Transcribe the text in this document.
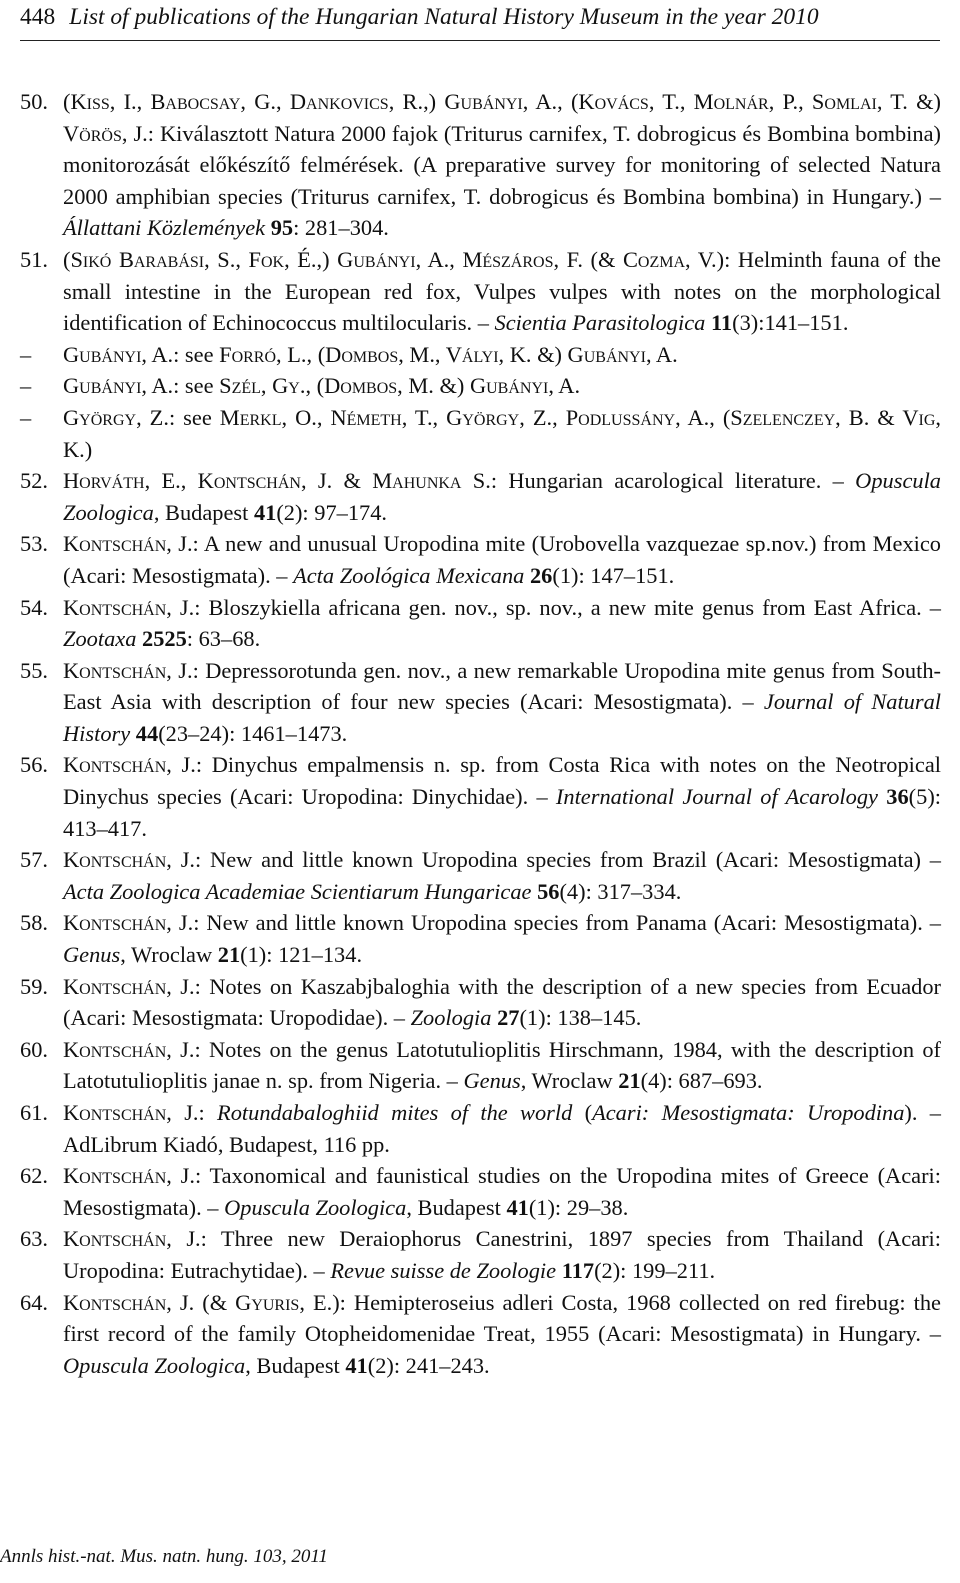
448 List of publications of the Hungarian Natural History Museum in the year 2010
50. (Kiss, I., Babocsay, G., Dankovics, R.,) Gubányi, A., (Kovács, T., Molnár, P., Somlai, T. &) Vörös, J.: Kiválasztott Natura 2000 fajok (Triturus carnifex, T. dobrogicus és Bombina bombina) monitorozását előkészítő felmérések. (A preparative survey for monitoring of selected Natura 2000 amphibian species (Triturus carnifex, T. dobrogicus és Bombina bombina) in Hungary.) – Állattani Közlemények 95: 281–304.
51. (Sikó Barabási, S., Fok, É.,) Gubányi, A., Mészáros, F. (& Cozma, V.): Helminth fauna of the small intestine in the European red fox, Vulpes vulpes with notes on the morphological identification of Echinococcus multilocularis. – Scientia Parasitologica 11(3):141–151.
– Gubányi, A.: see Forró, L., (Dombos, M., Vályi, K. &) Gubányi, A.
– Gubányi, A.: see Szél, Gy., (Dombos, M. &) Gubányi, A.
– György, Z.: see Merkl, O., Németh, T., György, Z., Podlussány, A., (Szelenczey, B. & Vig, K.)
52. Horváth, E., Kontschán, J. & Mahunka S.: Hungarian acarological literature. – Opuscula Zoologica, Budapest 41(2): 97–174.
53. Kontschán, J.: A new and unusual Uropodina mite (Urobovella vazquezae sp.nov.) from Mexico (Acari: Mesostigmata). – Acta Zoológica Mexicana 26(1): 147–151.
54. Kontschán, J.: Bloszykiella africana gen. nov., sp. nov., a new mite genus from East Africa. – Zootaxa 2525: 63–68.
55. Kontschán, J.: Depressorotunda gen. nov., a new remarkable Uropodina mite genus from South-East Asia with description of four new species (Acari: Mesostigmata). – Journal of Natural History 44(23–24): 1461–1473.
56. Kontschán, J.: Dinychus empalmensis n. sp. from Costa Rica with notes on the Neotropical Dinychus species (Acari: Uropodina: Dinychidae). – International Journal of Acarology 36(5): 413–417.
57. Kontschán, J.: New and little known Uropodina species from Brazil (Acari: Mesostigmata) – Acta Zoologica Academiae Scientiarum Hungaricae 56(4): 317–334.
58. Kontschán, J.: New and little known Uropodina species from Panama (Acari: Mesostigmata). – Genus, Wroclaw 21(1): 121–134.
59. Kontschán, J.: Notes on Kaszabjbaloghia with the description of a new species from Ecuador (Acari: Mesostigmata: Uropodidae). – Zoologia 27(1): 138–145.
60. Kontschán, J.: Notes on the genus Latotutulioplitis Hirschmann, 1984, with the description of Latotutulioplitis janae n. sp. from Nigeria. – Genus, Wroclaw 21(4): 687–693.
61. Kontschán, J.: Rotundabaloghiid mites of the world (Acari: Mesostigmata: Uropodina). – AdLibrum Kiadó, Budapest, 116 pp.
62. Kontschán, J.: Taxonomical and faunistical studies on the Uropodina mites of Greece (Acari: Mesostigmata). – Opuscula Zoologica, Budapest 41(1): 29–38.
63. Kontschán, J.: Three new Deraiophorus Canestrini, 1897 species from Thailand (Acari: Uropodina: Eutrachytidae). – Revue suisse de Zoologie 117(2): 199–211.
64. Kontschán, J. (& Gyuris, E.): Hemipteroseius adleri Costa, 1968 collected on red firebug: the first record of the family Otopheidomenidae Treat, 1955 (Acari: Mesostigmata) in Hungary. – Opuscula Zoologica, Budapest 41(2): 241–243.
Annls hist.-nat. Mus. natn. hung. 103, 2011
